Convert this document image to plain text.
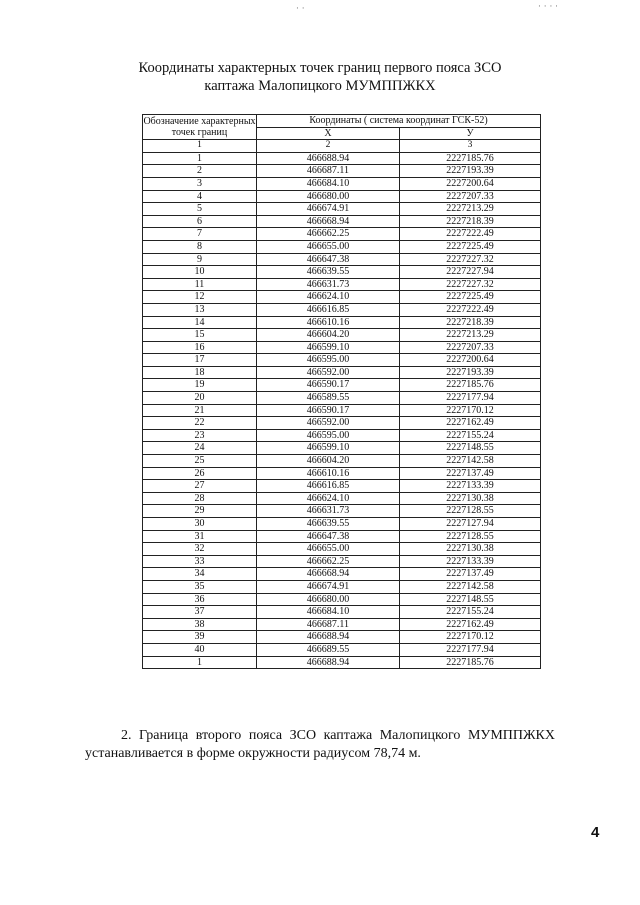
· ·	· · · ·
Координаты характерных точек границ первого пояса ЗСО
каптажа Малопицкого МУМППЖКХ
Обозначение характерных точек границ	Координаты ( система координат ГСК-52)	
	X	У
1	2	3
1	466688.94	2227185.76
2	466687.11	2227193.39
3	466684.10	2227200.64
4	466680.00	2227207.33
5	466674.91	2227213.29
6	466668.94	2227218.39
7	466662.25	2227222.49
8	466655.00	2227225.49
9	466647.38	2227227.32
10	466639.55	2227227.94
11	466631.73	2227227.32
12	466624.10	2227225.49
13	466616.85	2227222.49
14	466610.16	2227218.39
15	466604.20	2227213.29
16	466599.10	2227207.33
17	466595.00	2227200.64
18	466592.00	2227193.39
19	466590.17	2227185.76
20	466589.55	2227177.94
21	466590.17	2227170.12
22	466592.00	2227162.49
23	466595.00	2227155.24
24	466599.10	2227148.55
25	466604.20	2227142.58
26	466610.16	2227137.49
27	466616.85	2227133.39
28	466624.10	2227130.38
29	466631.73	2227128.55
30	466639.55	2227127.94
31	466647.38	2227128.55
32	466655.00	2227130.38
33	466662.25	2227133.39
34	466668.94	2227137.49
35	466674.91	2227142.58
36	466680.00	2227148.55
37	466684.10	2227155.24
38	466687.11	2227162.49
39	466688.94	2227170.12
40	466689.55	2227177.94
1	466688.94	2227185.76
2. Граница второго пояса ЗСО каптажа Малопицкого МУМППЖКХ
устанавливается в форме окружности радиусом 78,74 м.
4
